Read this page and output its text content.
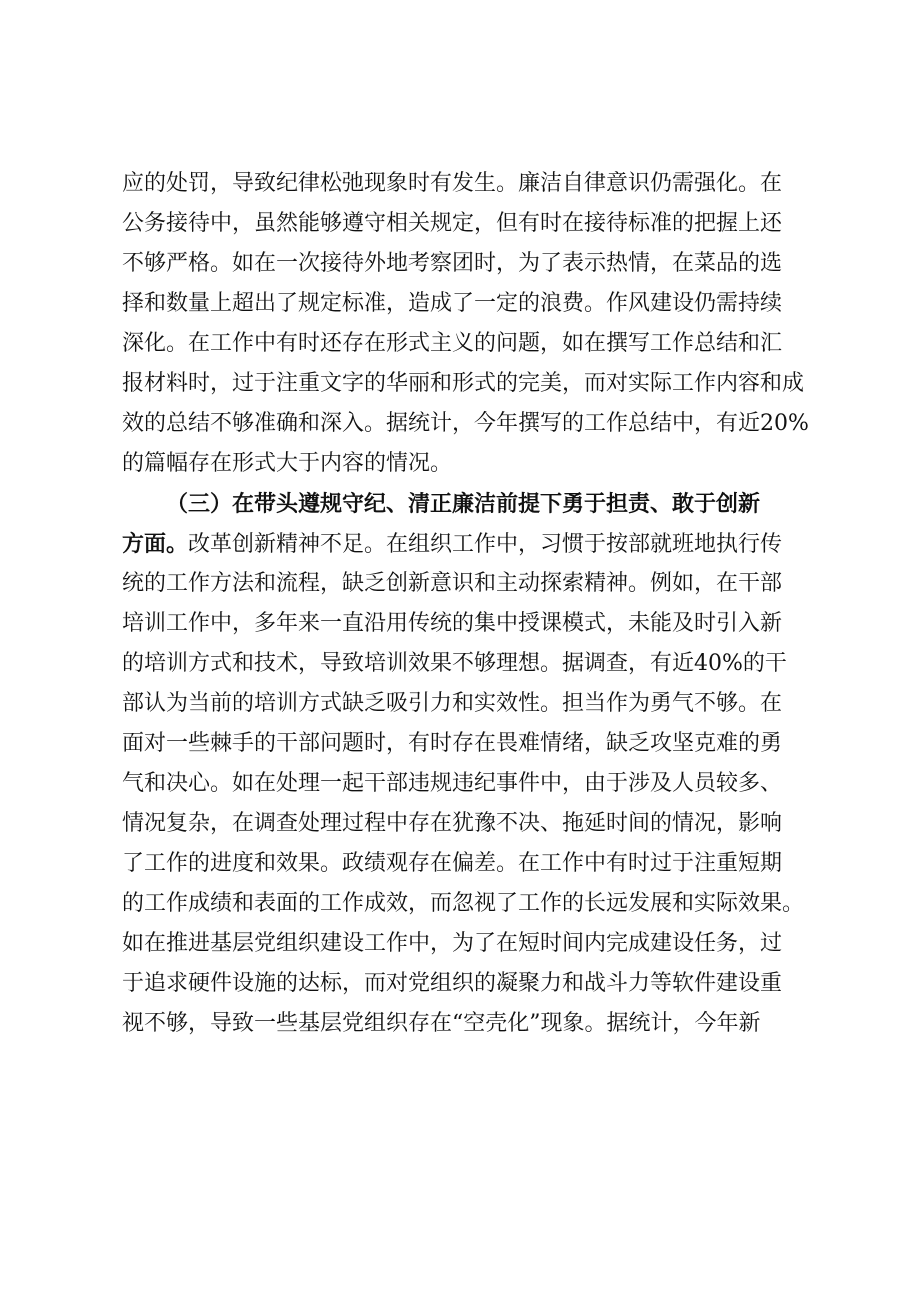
应的处罚，导致纪律松弛现象时有发生。廉洁自律意识仍需强化。在
公务接待中，虽然能够遵守相关规定，但有时在接待标准的把握上还
不够严格。如在一次接待外地考察团时，为了表示热情，在菜品的选
择和数量上超出了规定标准，造成了一定的浪费。作风建设仍需持续
深化。在工作中有时还存在形式主义的问题，如在撰写工作总结和汇
报材料时，过于注重文字的华丽和形式的完美，而对实际工作内容和成
效的总结不够准确和深入。据统计，今年撰写的工作总结中，有近20%
的篇幅存在形式大于内容的情况。
（三）在带头遵规守纪、清正廉洁前提下勇于担责、敢于创新
方面。改革创新精神不足。在组织工作中，习惯于按部就班地执行传
统的工作方法和流程，缺乏创新意识和主动探索精神。例如，在干部
培训工作中，多年来一直沿用传统的集中授课模式，未能及时引入新
的培训方式和技术，导致培训效果不够理想。据调查，有近40%的干
部认为当前的培训方式缺乏吸引力和实效性。担当作为勇气不够。在
面对一些棘手的干部问题时，有时存在畏难情绪，缺乏攻坚克难的勇
气和决心。如在处理一起干部违规违纪事件中，由于涉及人员较多、
情况复杂，在调查处理过程中存在犹豫不决、拖延时间的情况，影响
了工作的进度和效果。政绩观存在偏差。在工作中有时过于注重短期
的工作成绩和表面的工作成效，而忽视了工作的长远发展和实际效果。
如在推进基层党组织建设工作中，为了在短时间内完成建设任务，过
于追求硬件设施的达标，而对党组织的凝聚力和战斗力等软件建设重
视不够，导致一些基层党组织存在“空壳化”现象。据统计，今年新
